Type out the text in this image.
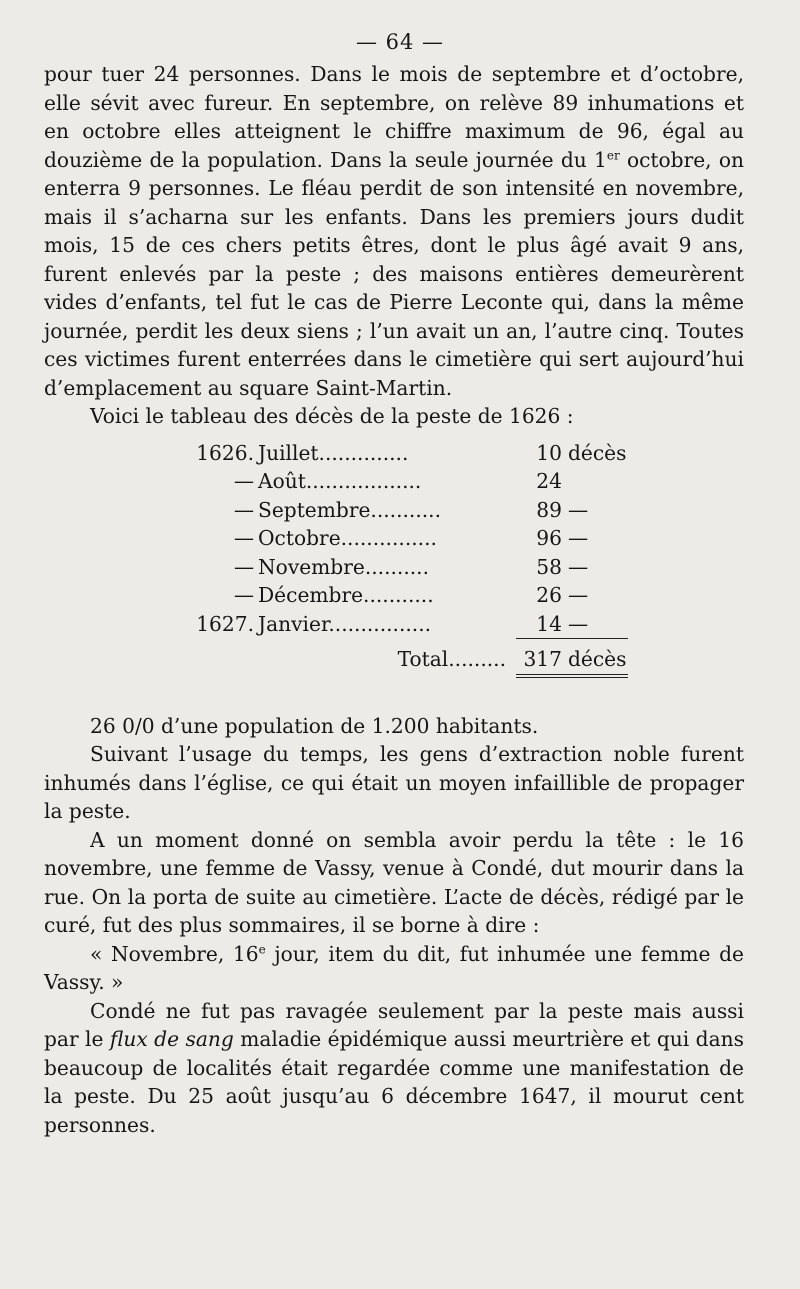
— 64 —

pour tuer 24 personnes. Dans le mois de septembre et d’octobre, elle sévit avec fureur. En septembre, on relève 89 inhumations et en octobre elles atteignent le chiffre maximum de 96, égal au douzième de la population. Dans la seule journée du 1er octobre, on enterra 9 personnes. Le fléau perdit de son intensité en novembre, mais il s’acharna sur les enfants. Dans les premiers jours dudit mois, 15 de ces chers petits êtres, dont le plus âgé avait 9 ans, furent enlevés par la peste ; des maisons entières demeurèrent vides d’enfants, tel fut le cas de Pierre Leconte qui, dans la même journée, perdit les deux siens ; l’un avait un an, l’autre cinq. Toutes ces victimes furent enterrées dans le cimetière qui sert aujourd’hui d’emplacement au square Saint-Martin.

Voici le tableau des décès de la peste de 1626 :

1626.	Juillet..............	10	décès
—	Août..................	24	
—	Septembre...........	89	—
—	Octobre...............	96	—
—	Novembre..........	58	—
—	Décembre...........	26	—
1627.	Janvier................	14	—

	Total.........	317	décès

26 0/0 d’une population de 1.200 habitants.

Suivant l’usage du temps, les gens d’extraction noble furent inhumés dans l’église, ce qui était un moyen infaillible de propager la peste.

A un moment donné on sembla avoir perdu la tête : le 16 novembre, une femme de Vassy, venue à Condé, dut mourir dans la rue. On la porta de suite au cimetière. L’acte de décès, rédigé par le curé, fut des plus sommaires, il se borne à dire :

« Novembre, 16e jour, item du dit, fut inhumée une femme de Vassy. »

Condé ne fut pas ravagée seulement par la peste mais aussi par le flux de sang maladie épidémique aussi meurtrière et qui dans beaucoup de localités était regardée comme une manifestation de la peste. Du 25 août jusqu’au 6 décembre 1647, il mourut cent personnes.
